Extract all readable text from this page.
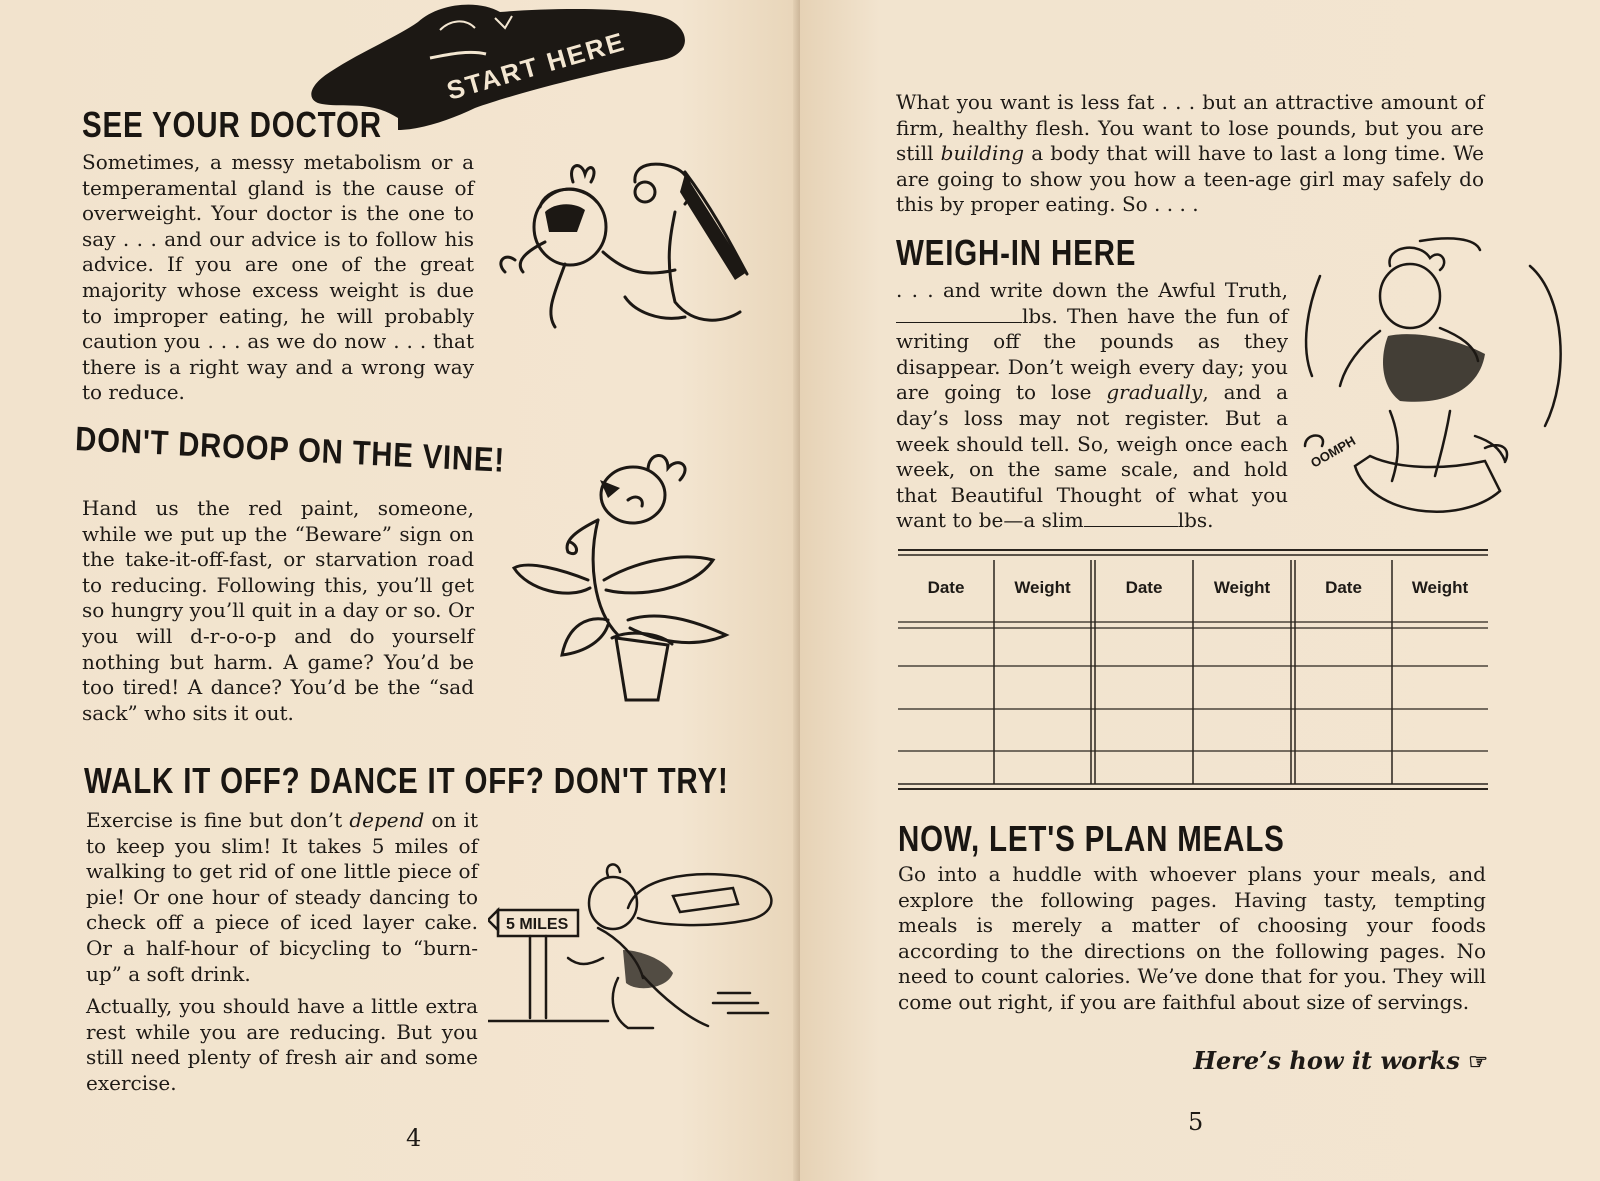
START HERE
SEE YOUR DOCTOR

Sometimes, a messy metabolism or a temperamental gland is the cause of overweight. Your doctor is the one to say . . . and our advice is to follow his advice. If you are one of the great majority whose excess weight is due to improper eating, he will probably caution you . . . as we do now . . . that there is a right way and a wrong way to reduce.

DON'T DROOP ON THE VINE!

Hand us the red paint, someone, while we put up the “Beware” sign on the take-it-off-fast, or starvation road to reducing. Following this, you’ll get so hungry you’ll quit in a day or so. Or you will d-r-o-o-p and do yourself nothing but harm. A game? You’d be too tired! A dance? You’d be the “sad sack” who sits it out.

WALK IT OFF? DANCE IT OFF? DON'T TRY!

Exercise is fine but don’t depend on it to keep you slim! It takes 5 miles of walking to get rid of one little piece of pie! Or one hour of steady dancing to check off a piece of iced layer cake. Or a half-hour of bicycling to “burn-up” a soft drink.

Actually, you should have a little extra rest while you are reducing. But you still need plenty of fresh air and some exercise.

5 MILES
4

What you want is less fat . . . but an attractive amount of firm, healthy flesh. You want to lose pounds, but you are still building a body that will have to last a long time. We are going to show you how a teen-age girl may safely do this by proper eating. So . . . .

WEIGH-IN HERE

. . . and write down the Awful Truth, lbs. Then have the fun of writing off the pounds as they disappear. Don’t weigh every day; you are going to lose gradually, and a day’s loss may not register. But a week should tell. So, weigh once each week, on the same scale, and hold that Beautiful Thought of what you want to be—a slim	lbs.

OOMPH
Date	Weight	Date	Weight	Date	Weight
NOW, LET'S PLAN MEALS

Go into a huddle with whoever plans your meals, and explore the following pages. Having tasty, tempting meals is merely a matter of choosing your foods according to the directions on the following pages. No need to count calories. We’ve done that for you. They will come out right, if you are faithful about size of servings.

Here’s how it works ☞
5
